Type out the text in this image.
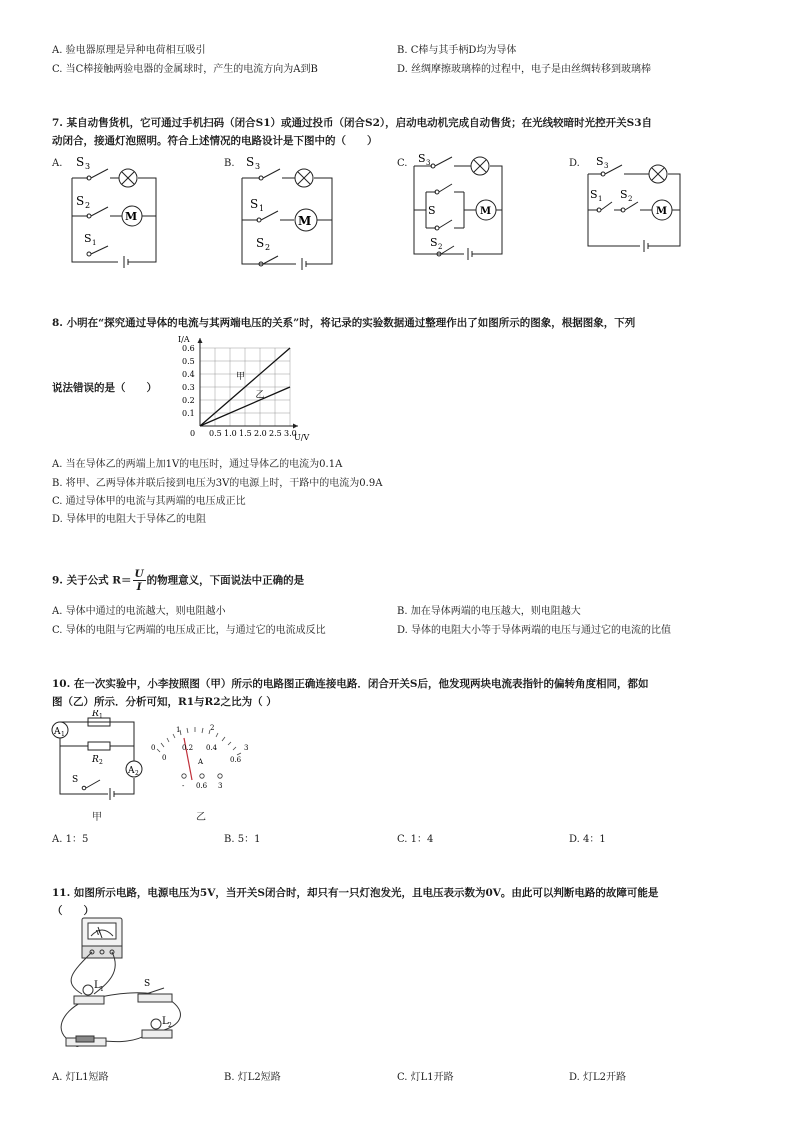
A. 验电器原理是异种电荷相互吸引	B. C棒与其手柄D均为导体
C. 当C棒接触两验电器的金属球时，产生的电流方向为A到B	D. 丝绸摩擦玻璃棒的过程中，电子是由丝绸转移到玻璃棒
7. 某自动售货机，它可通过手机扫码（闭合S1）或通过投币（闭合S2），启动电动机完成自动售货；在光线较暗时光控开关S3自
动闭合，接通灯泡照明。符合上述情况的电路设计是下图中的（　　）
A.	B.	C.	D.
S 3
S 2
S 1
M
S 3
S 1
S 2
M
S 3
S
S 2
M
S 3
S 1 S 2
M
8. 小明在“探究通过导体的电流与其两端电压的关系”时，将记录的实验数据通过整理作出了如图所示的图象，根据图象，下列
说法错误的是（　　）
0.5 1.0 1.5 2.0 2.5 3.0
0.1
0.2
0.3
0.4
0.5
0.6
0	U/V
I/A
甲
乙
A. 当在导体乙的两端上加1V的电压时，通过导体乙的电流为0.1A
B. 将甲、乙两导体并联后接到电压为3V的电源上时，干路中的电流为0.9A
C. 通过导体甲的电流与其两端的电压成正比
D. 导体甲的电阻大于导体乙的电阻
9. 关于公式 $R= \frac{U}{I}$ 的物理意义，下面说法中正确的是
A. 导体中通过的电流越大，则电阻越小	B. 加在导体两端的电压越大，则电阻越大
C. 导体的电阻与它两端的电压成正比，与通过它的电流成反比	D. 导体的电阻大小等于导体两端的电压与通过它的电流的比值
10. 在一次实验中，小李按照图（甲）所示的电路图正确连接电路．闭合开关S后，他发现两块电流表指针的偏转角度相同，都如
图（乙）所示．分析可知，R1与R2之比为（ ）
A 1
A 2
R 1
R 2
S
甲
0
1	2
3
0
0.2 0.4
0.6
A
- 0.6 3
乙
A. 1：5	B. 5：1	C. 1：4	D. 4：1
11. 如图所示电路，电源电压为5V，当开关S闭合时，却只有一只灯泡发光，且电压表示数为0V。由此可以判断电路的故障可能是
（　　）
V
L 1
S
L 2
A. 灯L1短路	B. 灯L2短路	C. 灯L1开路	D. 灯L2开路
